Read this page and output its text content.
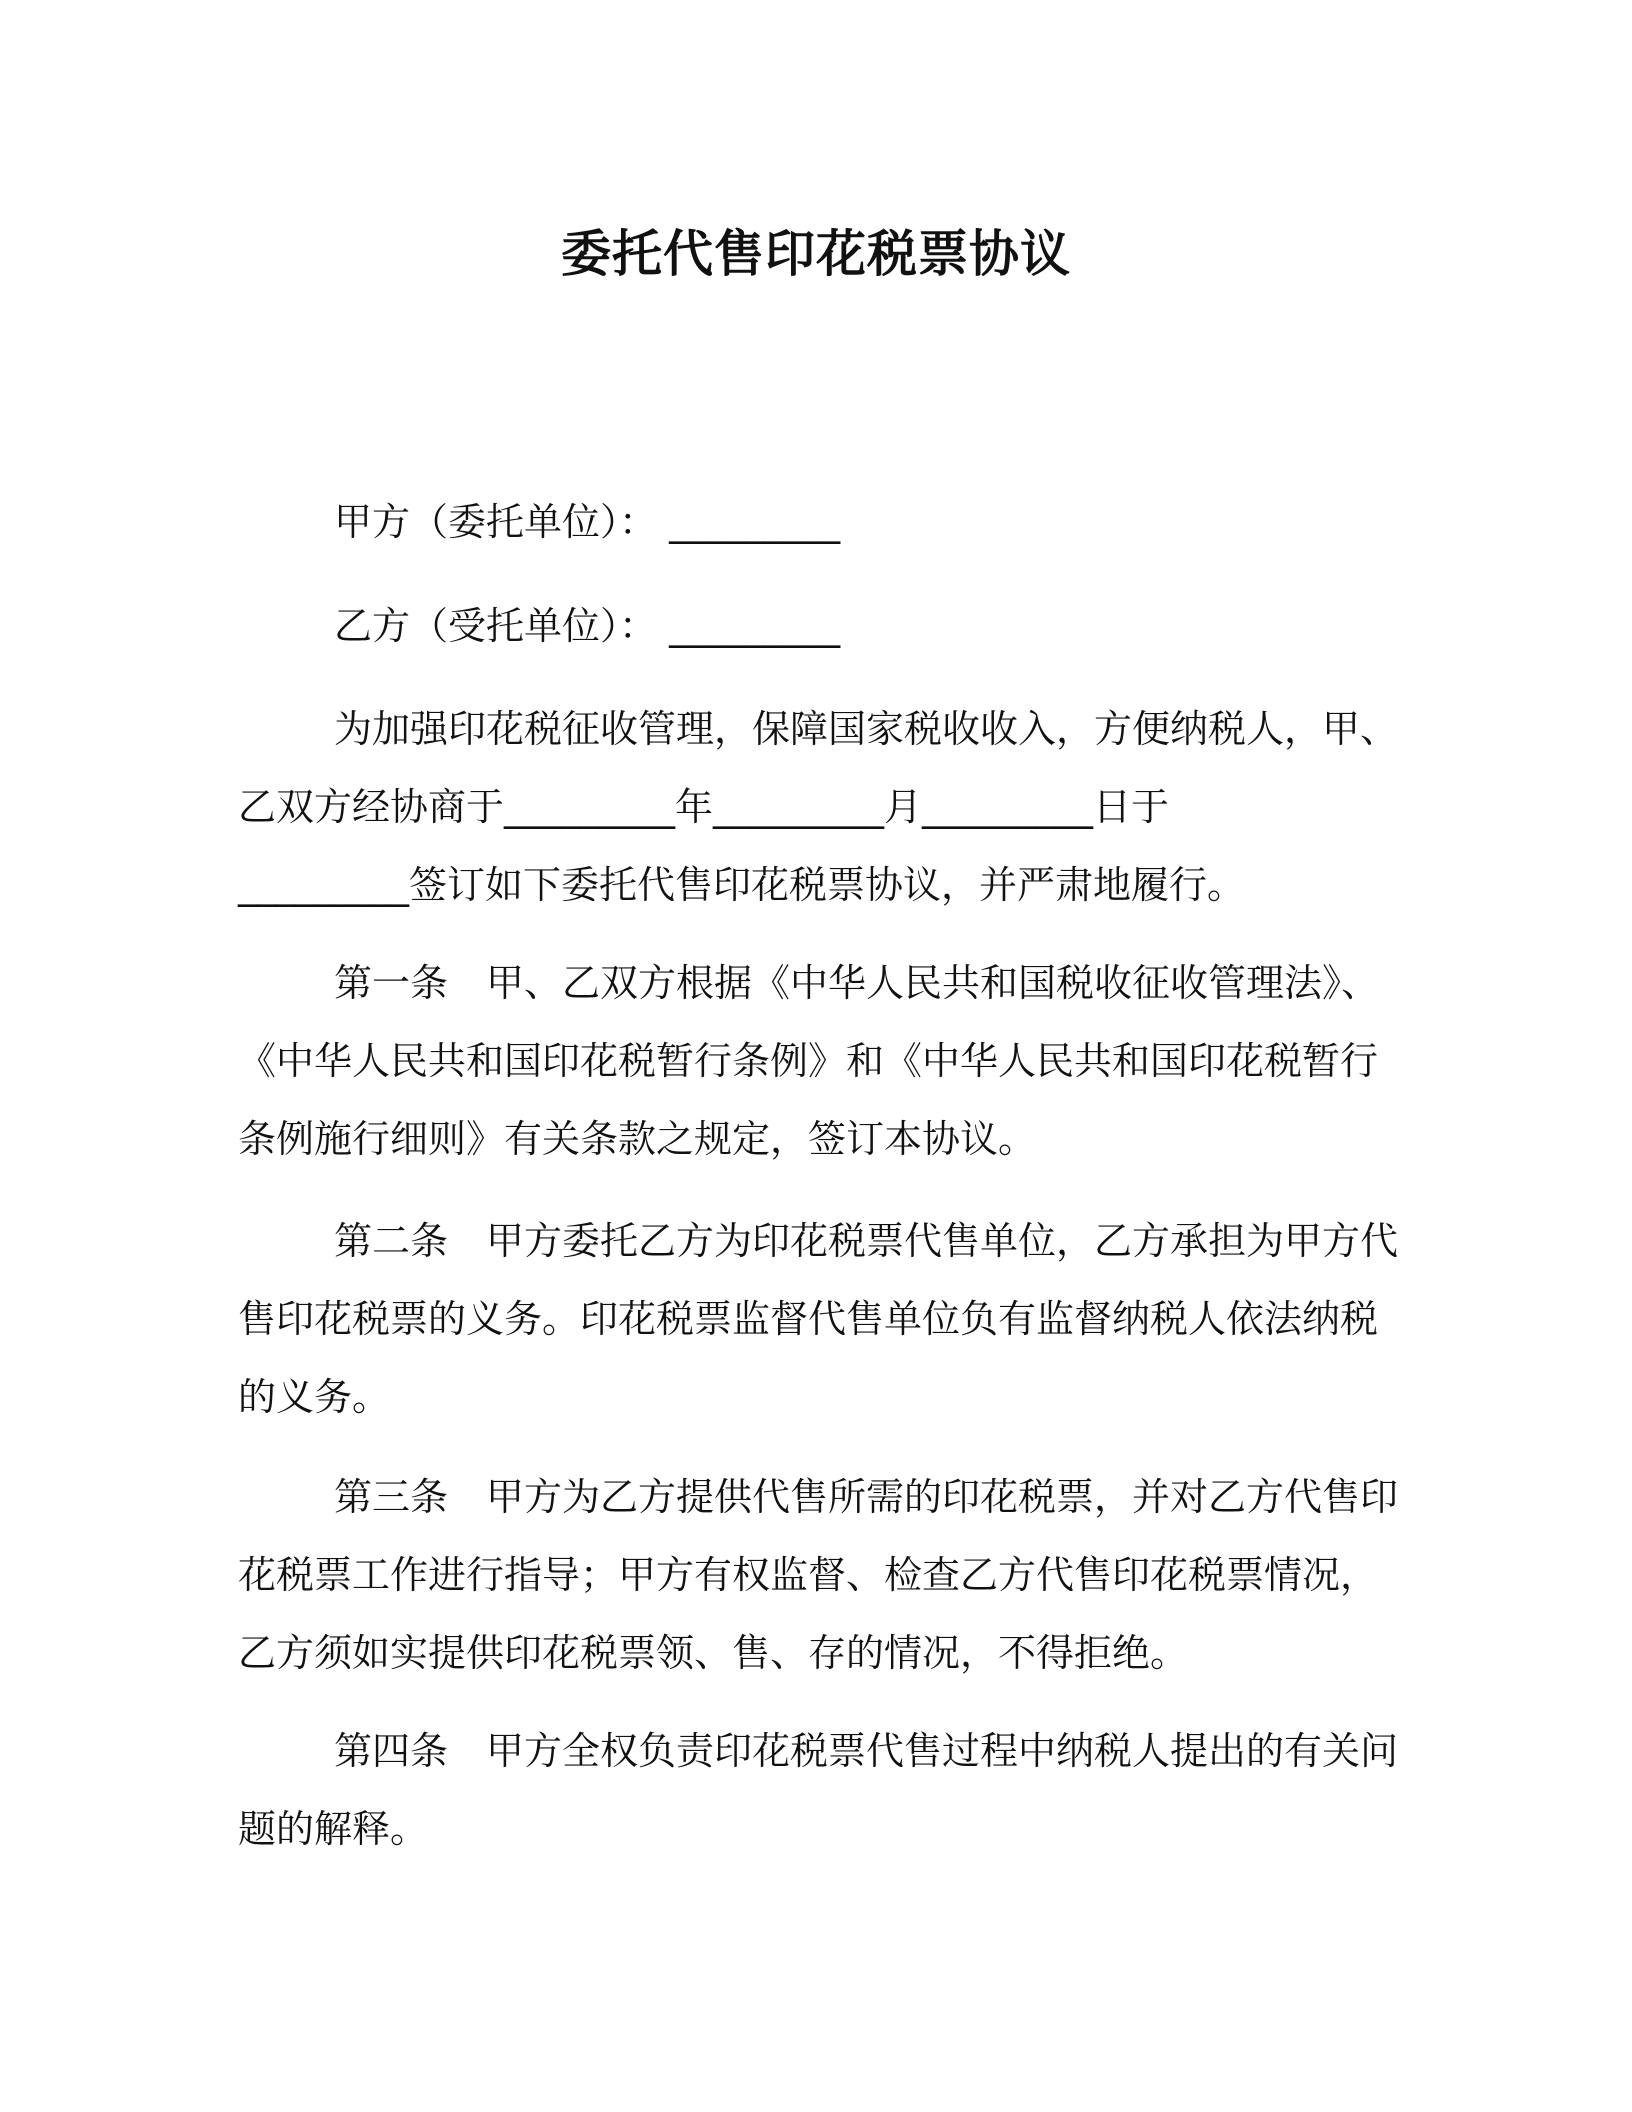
委托代售印花税票协议
甲方（委托单位）： _________
乙方（受托单位）： _________
为加强印花税征收管理，保障国家税收收入，方便纳税人，甲、
乙双方经协商于_________年_________月_________日于
_________签订如下委托代售印花税票协议，并严肃地履行。
第一条 甲、乙双方根据《中华人民共和国税收征收管理法》、
《中华人民共和国印花税暂行条例》和《中华人民共和国印花税暂行
条例施行细则》有关条款之规定，签订本协议。
第二条 甲方委托乙方为印花税票代售单位，乙方承担为甲方代
售印花税票的义务。印花税票监督代售单位负有监督纳税人依法纳税
的义务。
第三条 甲方为乙方提供代售所需的印花税票，并对乙方代售印
花税票工作进行指导；甲方有权监督、检查乙方代售印花税票情况，
乙方须如实提供印花税票领、售、存的情况，不得拒绝。
第四条 甲方全权负责印花税票代售过程中纳税人提出的有关问
题的解释。
